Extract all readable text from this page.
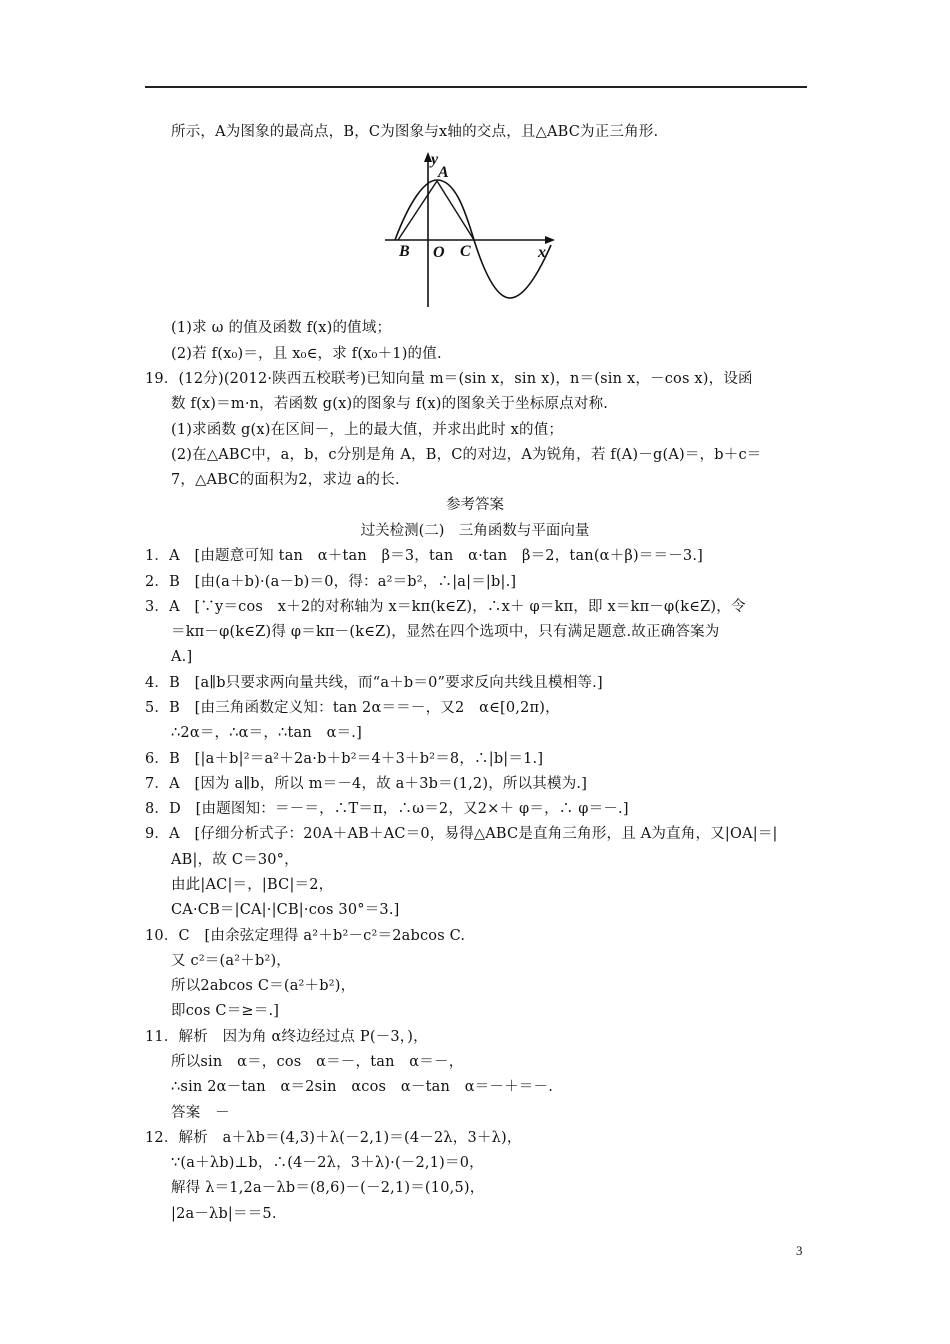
所示，A为图象的最高点，B，C为图象与x轴的交点，且△ABC为正三角形.
y
A
B O C	x
(1)求 ω 的值及函数 f(x)的值域；
(2)若 f(x₀)＝，且 x₀∈，求 f(x₀＋1)的值.
19．(12分)(2012·陕西五校联考)已知向量 m＝(sin x，sin x)，n＝(sin x，－cos x)，设函
数 f(x)＝m·n，若函数 g(x)的图象与 f(x)的图象关于坐标原点对称.
(1)求函数 g(x)在区间－，上的最大值，并求出此时 x的值；
(2)在△ABC中，a，b，c分别是角 A，B，C的对边，A为锐角，若 f(A)－g(A)＝，b＋c＝
7，△ABC的面积为2，求边 a的长.
参考答案
过关检测(二)　三角函数与平面向量
1．A　[由题意可知 tan　α＋tan　β＝3，tan　α·tan　β＝2，tan(α＋β)＝＝－3.]
2．B　[由(a＋b)·(a－b)＝0，得：a²＝b²，∴|a|＝|b|.]
3．A　[∵y＝cos　x＋2的对称轴为 x＝kπ(k∈Z)，∴x＋ φ＝kπ，即 x＝kπ－φ(k∈Z)，令
＝kπ－φ(k∈Z)得 φ＝kπ－(k∈Z)，显然在四个选项中，只有满足题意.故正确答案为
A.]
4．B　[a∥b只要求两向量共线，而“a＋b＝0”要求反向共线且模相等.]
5．B　[由三角函数定义知：tan 2α＝＝－，又2　α∈[0,2π)，
∴2α＝，∴α＝，∴tan　α＝.]
6．B　[|a＋b|²＝a²＋2a·b＋b²＝4＋3＋b²＝8，∴|b|＝1.]
7．A　[因为 a∥b，所以 m＝－4，故 a＋3b＝(1,2)，所以其模为.]
8．D　[由题图知：＝－＝，∴T＝π，∴ω＝2，又2×＋ φ＝，∴ φ＝－.]
9．A　[仔细分析式子：20A＋AB＋AC＝0，易得△ABC是直角三角形，且 A为直角，又|OA|＝|
AB|，故 C＝30°，
由此|AC|＝，|BC|＝2，
CA·CB＝|CA|·|CB|·cos 30°＝3.]
10．C　[由余弦定理得 a²＋b²－c²＝2abcos C.
又 c²＝(a²＋b²)，
所以2abcos C＝(a²＋b²)，
即cos C＝≥＝.]
11．解析　因为角 α终边经过点 P(－3，)，
所以sin　α＝，cos　α＝－，tan　α＝－，
∴sin 2α－tan　α＝2sin　αcos　α－tan　α＝－＋＝－.
答案　－
12．解析　a＋λb＝(4,3)＋λ(－2,1)＝(4－2λ，3＋λ)，
∵(a＋λb)⊥b，∴(4－2λ，3＋λ)·(－2,1)＝0，
解得 λ＝1,2a－λb＝(8,6)－(－2,1)＝(10,5)，
|2a－λb|＝＝5.
3
